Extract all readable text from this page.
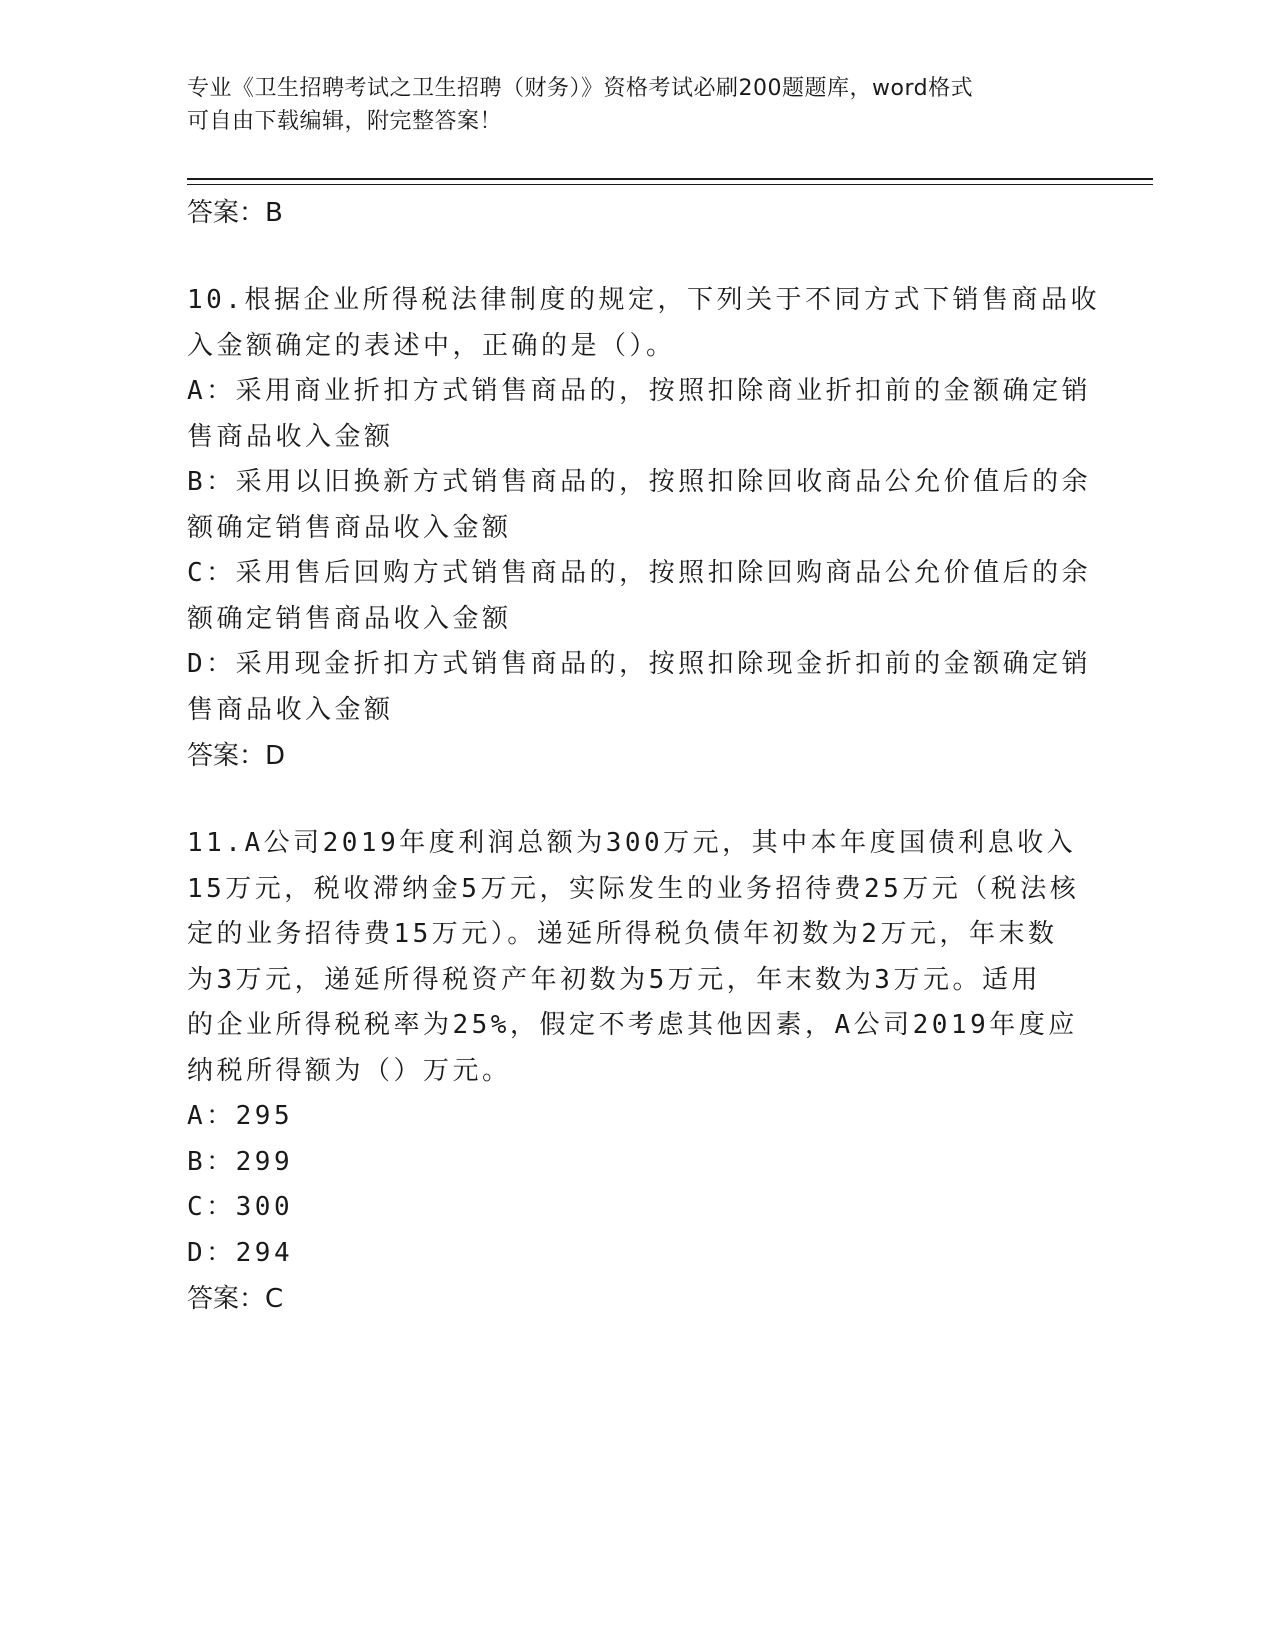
专业《卫生招聘考试之卫生招聘（财务）》资格考试必刷200题题库，word格式
可自由下载编辑，附完整答案！
答案：B
10.根据企业所得税法律制度的规定，下列关于不同方式下销售商品收
入金额确定的表述中，正确的是（）。
A：采用商业折扣方式销售商品的，按照扣除商业折扣前的金额确定销
售商品收入金额
B：采用以旧换新方式销售商品的，按照扣除回收商品公允价值后的余
额确定销售商品收入金额
C：采用售后回购方式销售商品的，按照扣除回购商品公允价值后的余
额确定销售商品收入金额
D：采用现金折扣方式销售商品的，按照扣除现金折扣前的金额确定销
售商品收入金额
答案：D
11.A公司2019年度利润总额为300万元，其中本年度国债利息收入
15万元，税收滞纳金5万元，实际发生的业务招待费25万元（税法核
定的业务招待费15万元）。递延所得税负债年初数为2万元，年末数
为3万元，递延所得税资产年初数为5万元，年末数为3万元。适用
的企业所得税税率为25%，假定不考虑其他因素，A公司2019年度应
纳税所得额为（）万元。
A：295
B：299
C：300
D：294
答案：C
